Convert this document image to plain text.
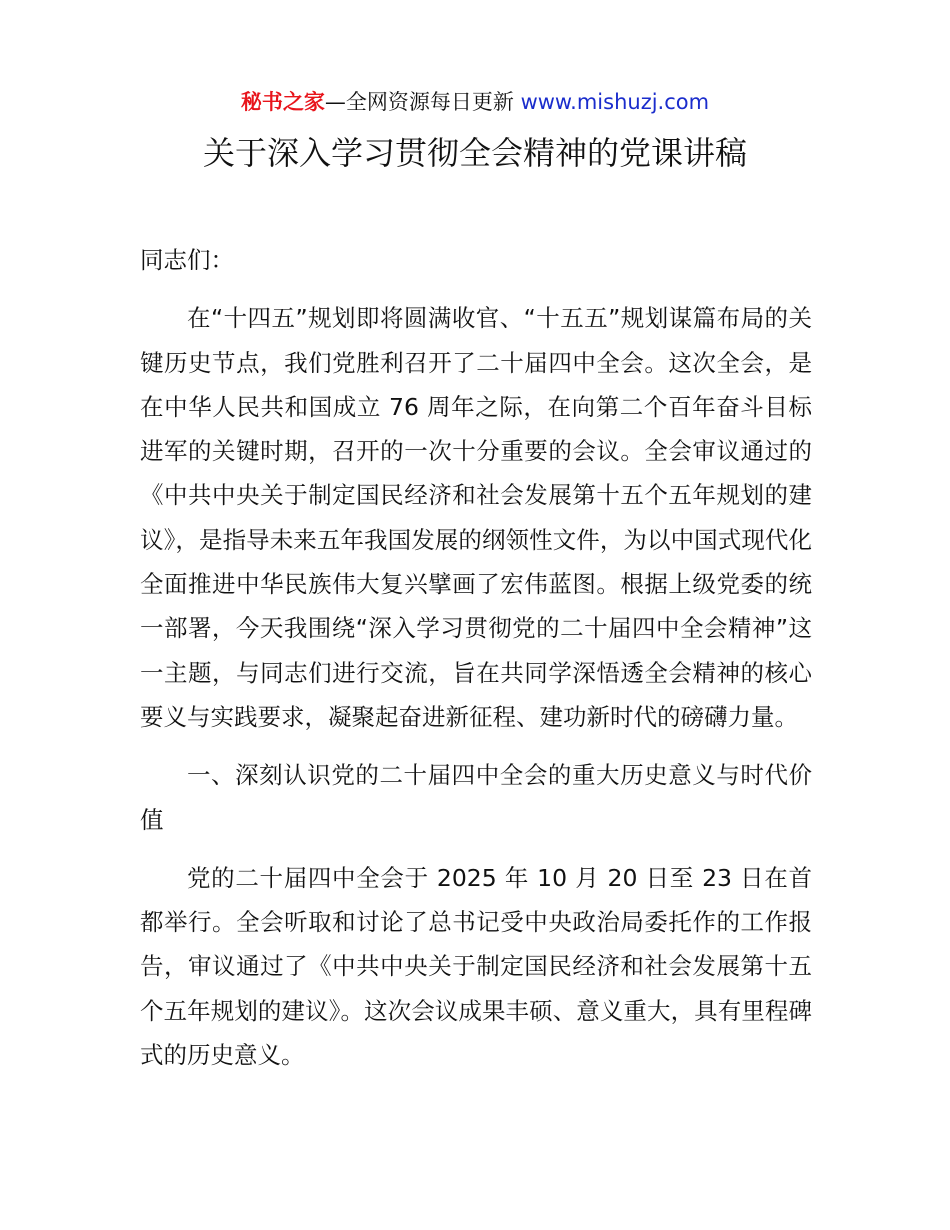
秘书之家—全网资源每日更新 www.mishuzj.com
关于深入学习贯彻全会精神的党课讲稿

同志们：

在“十四五”规划即将圆满收官、“十五五”规划谋篇布局的关键历史节点，我们党胜利召开了二十届四中全会。这次全会，是在中华人民共和国成立 76 周年之际，在向第二个百年奋斗目标进军的关键时期，召开的一次十分重要的会议。全会审议通过的《中共中央关于制定国民经济和社会发展第十五个五年规划的建议》，是指导未来五年我国发展的纲领性文件，为以中国式现代化全面推进中华民族伟大复兴擘画了宏伟蓝图。根据上级党委的统一部署，今天我围绕“深入学习贯彻党的二十届四中全会精神”这一主题，与同志们进行交流，旨在共同学深悟透全会精神的核心要义与实践要求，凝聚起奋进新征程、建功新时代的磅礴力量。

一、深刻认识党的二十届四中全会的重大历史意义与时代价值

党的二十届四中全会于 2025 年 10 月 20 日至 23 日在首都举行。全会听取和讨论了总书记受中央政治局委托作的工作报告，审议通过了《中共中央关于制定国民经济和社会发展第十五个五年规划的建议》。这次会议成果丰硕、意义重大，具有里程碑式的历史意义。
